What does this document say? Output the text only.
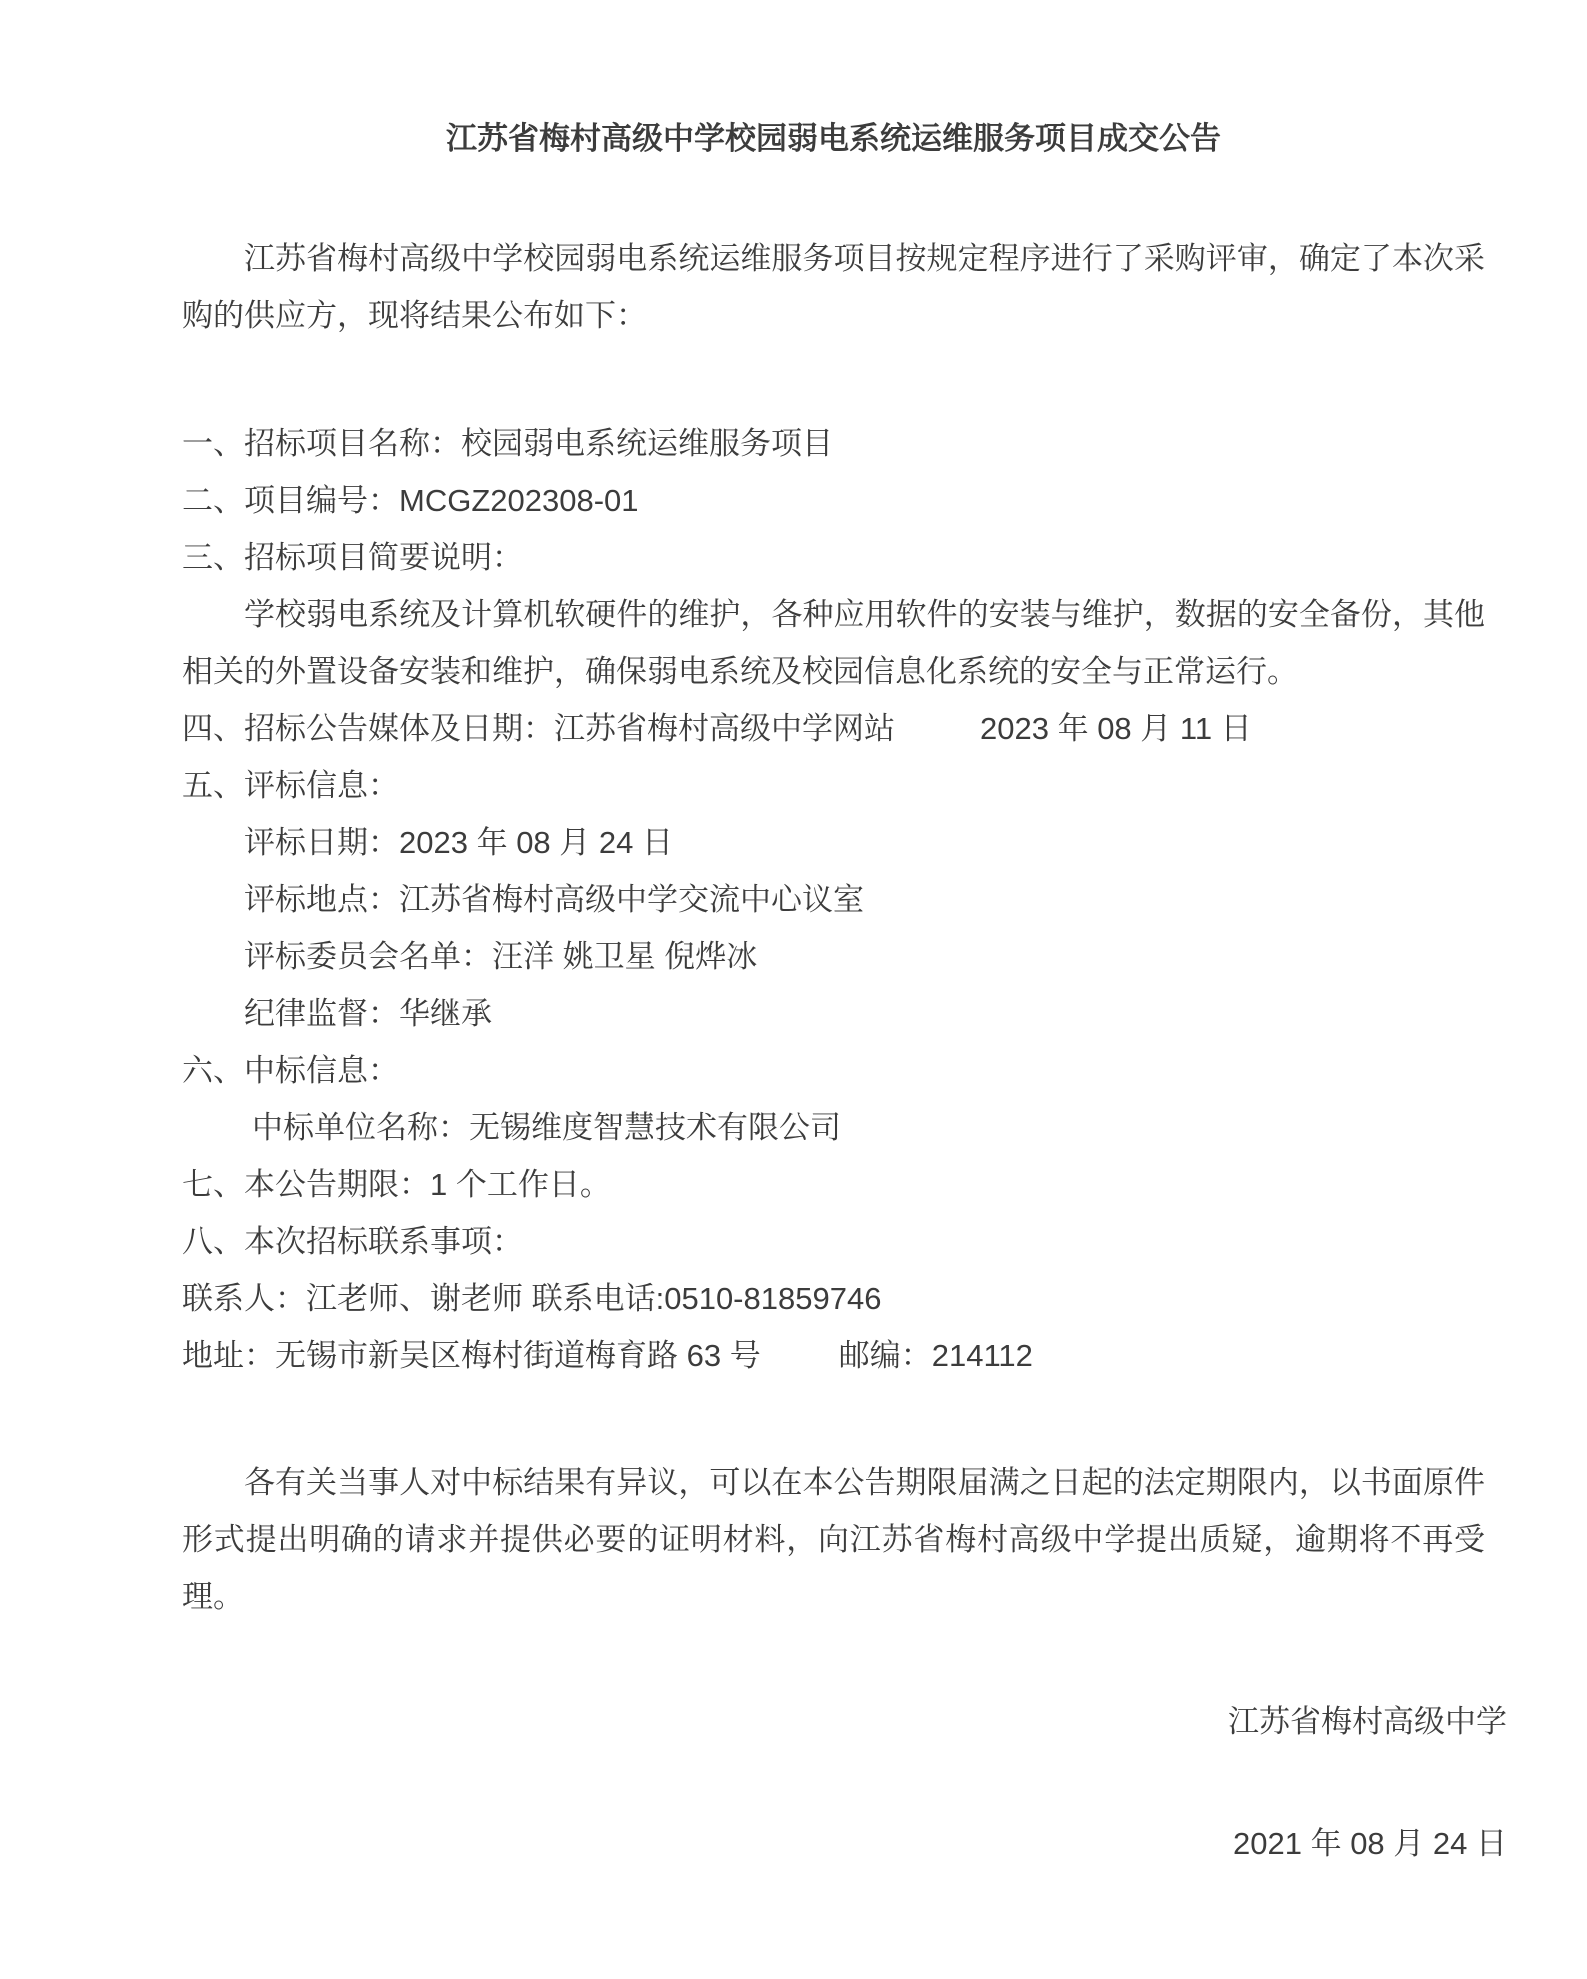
江苏省梅村高级中学校园弱电系统运维服务项目成交公告

江苏省梅村高级中学校园弱电系统运维服务项目按规定程序进行了采购评审，确定了本次采购的供应方，现将结果公布如下：

一、招标项目名称：校园弱电系统运维服务项目
二、项目编号：MCGZ202308-01
三、招标项目简要说明：

学校弱电系统及计算机软硬件的维护，各种应用软件的安装与维护，数据的安全备份，其他相关的外置设备安装和维护，确保弱电系统及校园信息化系统的安全与正常运行。

四、招标公告媒体及日期：江苏省梅村高级中学网站	2023 年 08 月 11 日
五、评标信息：
评标日期：2023 年 08 月 24 日
评标地点：江苏省梅村高级中学交流中心议室
评标委员会名单：汪洋 姚卫星 倪烨冰
纪律监督：华继承
六、中标信息：
中标单位名称：无锡维度智慧技术有限公司
七、本公告期限：1 个工作日。
八、本次招标联系事项：
联系人：江老师、谢老师 联系电话:0510-81859746
地址：无锡市新吴区梅村街道梅育路 63 号	邮编：214112

各有关当事人对中标结果有异议，可以在本公告期限届满之日起的法定期限内，以书面原件形式提出明确的请求并提供必要的证明材料，向江苏省梅村高级中学提出质疑，逾期将不再受理。

江苏省梅村高级中学
2021 年 08 月 24 日
